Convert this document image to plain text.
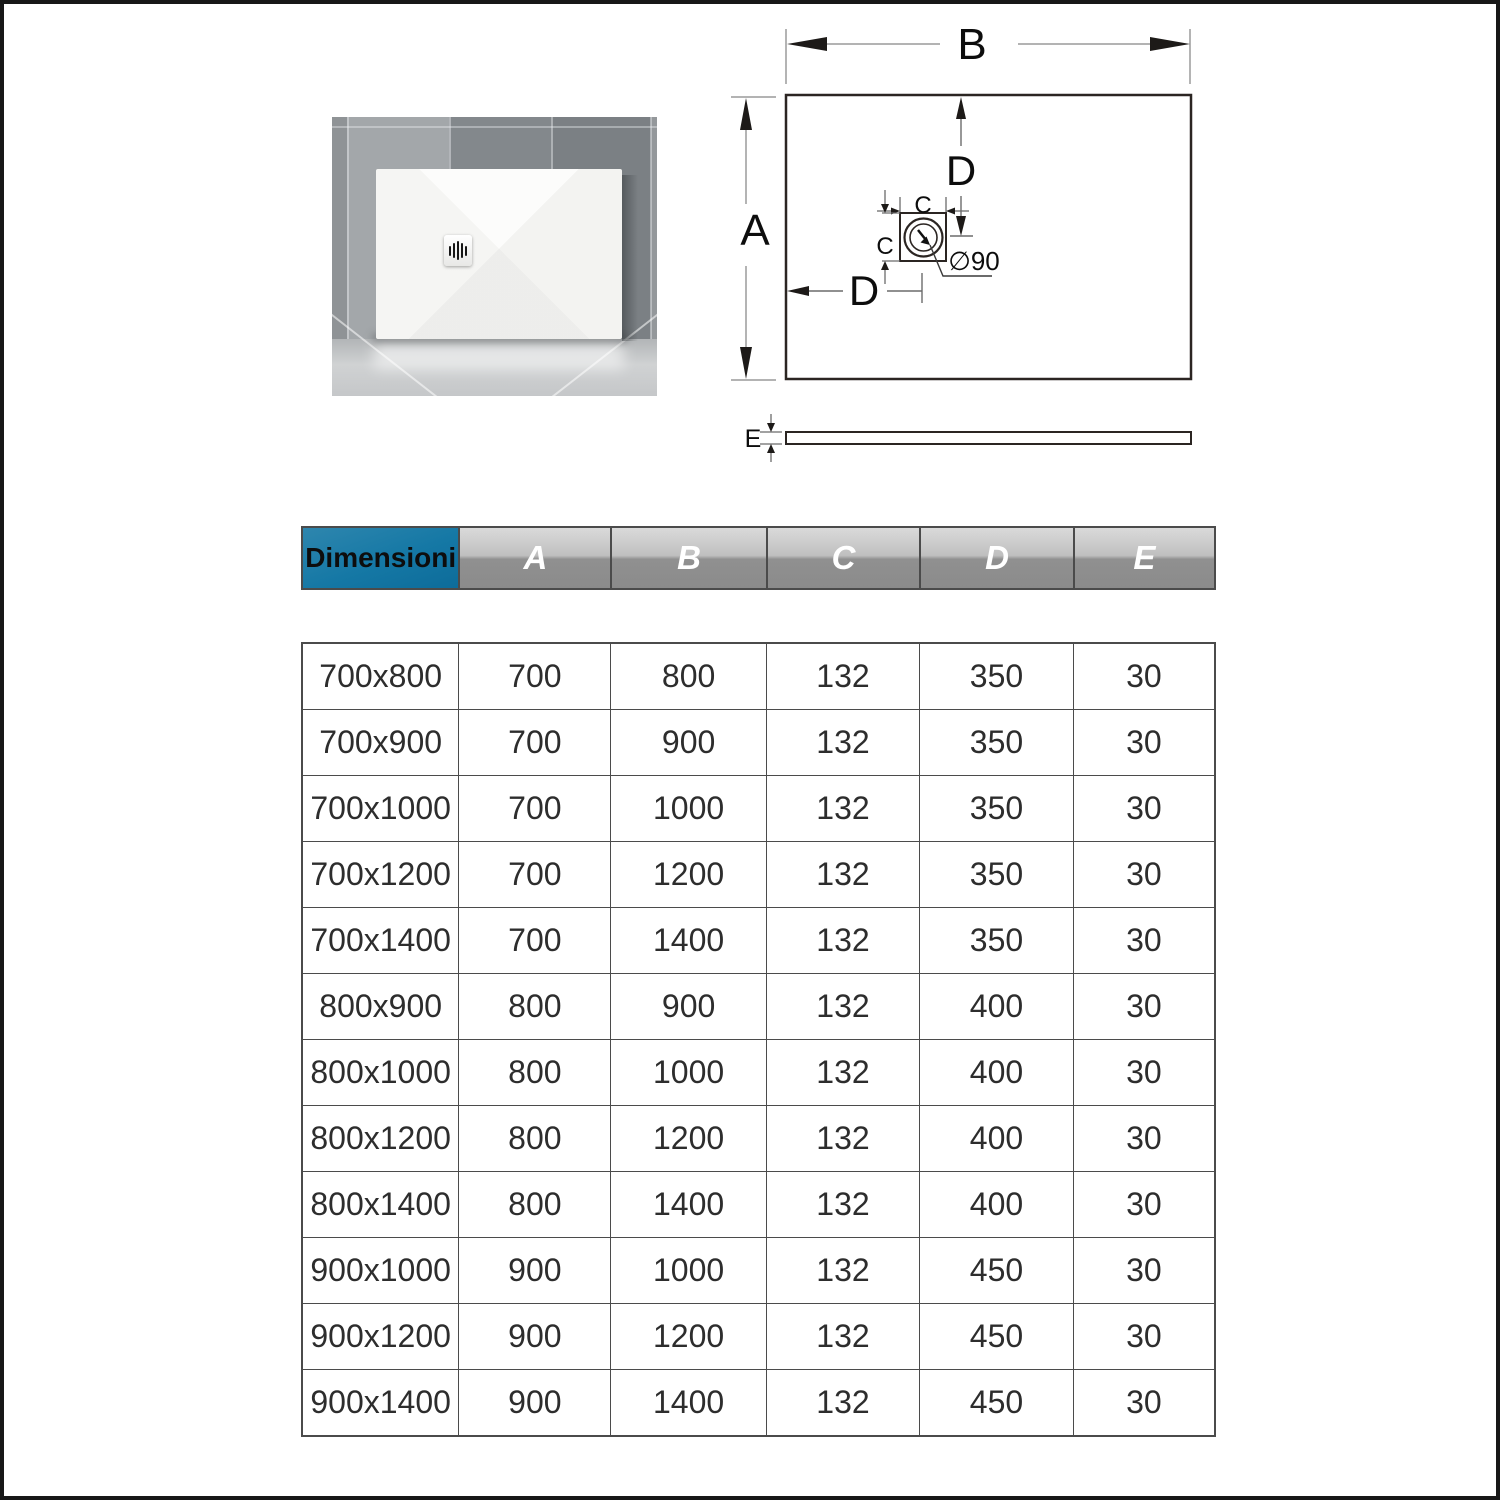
B
A
D
C
C
D
∅90
E
Dimensioni A	B	C	D	E
700x800	700	800	132	350	30
700x900	700	900	132	350	30
700x1000	700	1000	132	350	30
700x1200	700	1200	132	350	30
700x1400	700	1400	132	350	30
800x900	800	900	132	400	30
800x1000	800	1000	132	400	30
800x1200	800	1200	132	400	30
800x1400	800	1400	132	400	30
900x1000	900	1000	132	450	30
900x1200	900	1200	132	450	30
900x1400	900	1400	132	450	30
